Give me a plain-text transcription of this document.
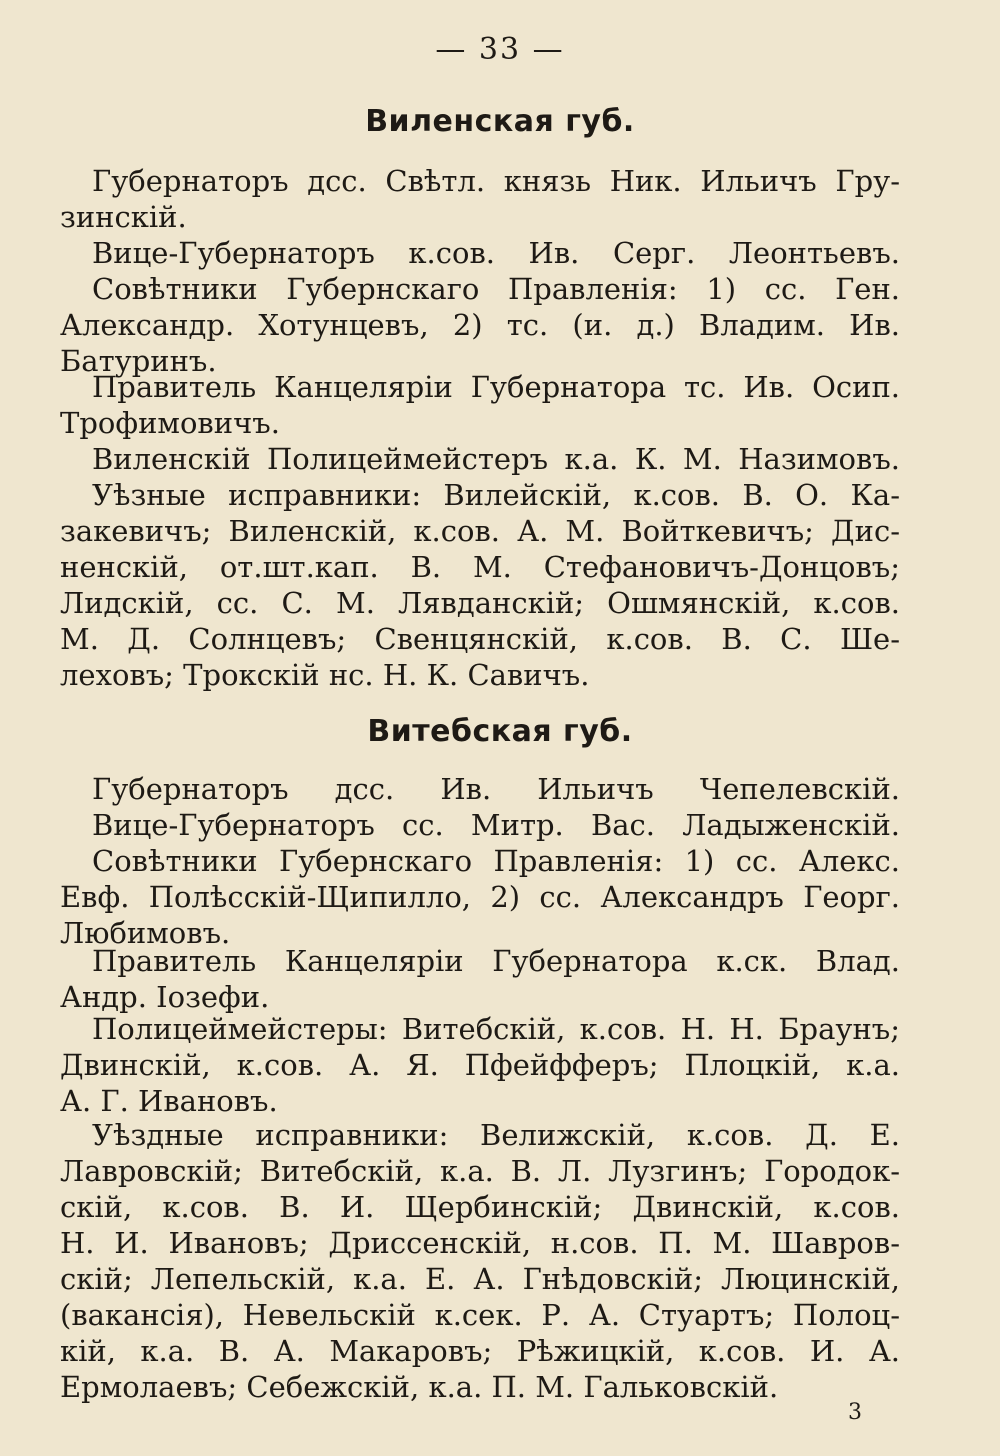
— 33 —
Виленская губ.
Губернаторъ дсс. Свѣтл. князь Ник. Ильичъ Гру-
зинскій.
Вице-Губернаторъ к.сов. Ив. Серг. Леонтьевъ.
Совѣтники Губернскаго Правленія: 1) сс. Ген.
Александр. Хотунцевъ, 2) тс. (и. д.) Владим. Ив.
Батуринъ.
Правитель Канцеляріи Губернатора тс. Ив. Осип.
Трофимовичъ.
Виленскій Полицеймейстеръ к.а. К. М. Назимовъ.
Уѣзные исправники: Вилейскій, к.сов. В. О. Ка-
закевичъ; Виленскій, к.сов. А. М. Войткевичъ; Дис-
ненскій, от.шт.кап. В. М. Стефановичъ-Донцовъ;
Лидскій, сс. С. М. Лявданскій; Ошмянскій, к.сов.
М. Д. Солнцевъ; Свенцянскій, к.сов. В. С. Ше-
леховъ; Трокскій нс. Н. К. Савичъ.
Витебская губ.
Губернаторъ дсс. Ив. Ильичъ Чепелевскій.
Вице-Губернаторъ сс. Митр. Вас. Ладыженскій.
Совѣтники Губернскаго Правленія: 1) сс. Алекс.
Евф. Полѣсскій-Щипилло, 2) сс. Александръ Георг.
Любимовъ.
Правитель Канцеляріи Губернатора к.ск. Влад.
Андр. Іозефи.
Полицеймейстеры: Витебскій, к.сов. Н. Н. Браунъ;
Двинскій, к.сов. А. Я. Пфейфферъ; Плоцкій, к.а.
А. Г. Ивановъ.
Уѣздные исправники: Велижскій, к.сов. Д. Е.
Лавровскій; Витебскій, к.а. В. Л. Лузгинъ; Городок-
скій, к.сов. В. И. Щербинскій; Двинскій, к.сов.
Н. И. Ивановъ; Дриссенскій, н.сов. П. М. Шавров-
скій; Лепельскій, к.а. Е. А. Гнѣдовскій; Люцинскій,
(вакансія), Невельскій к.сек. Р. А. Стуартъ; Полоц-
кій, к.а. В. А. Макаровъ; Рѣжицкій, к.сов. И. А.
Ермолаевъ; Себежскій, к.а. П. М. Гальковскій.
3
